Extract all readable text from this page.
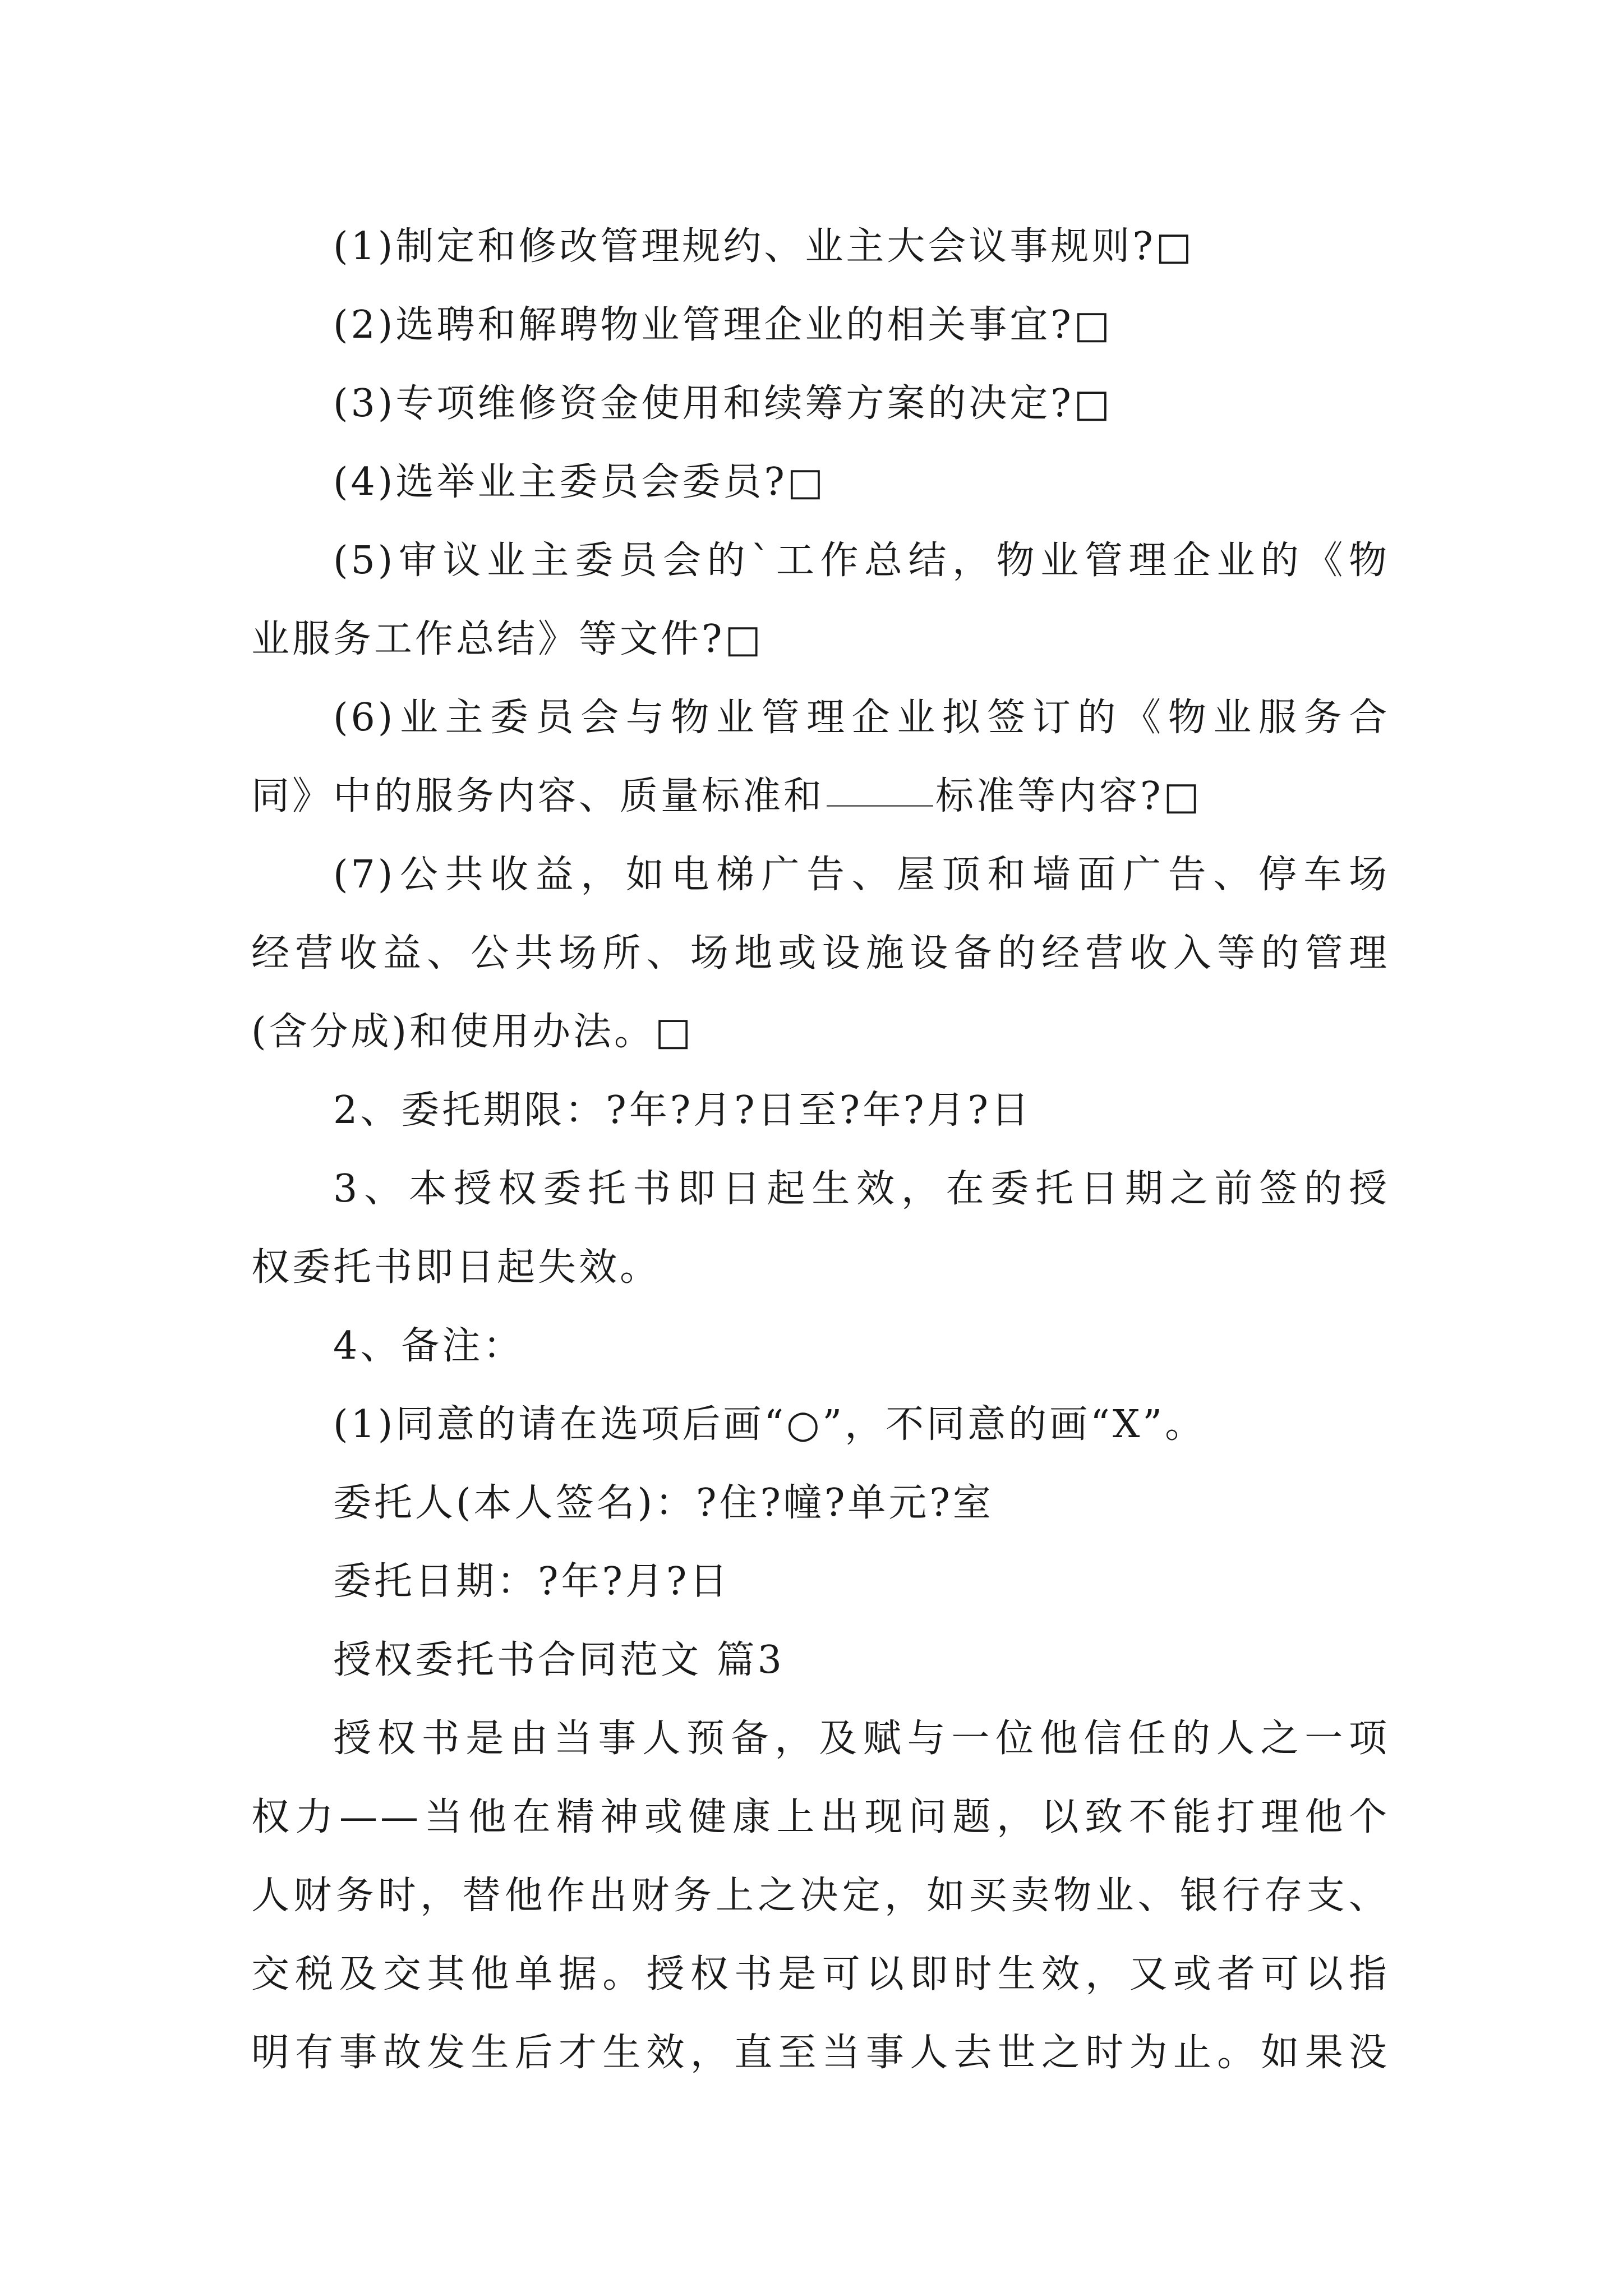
(1)制定和修改管理规约、业主大会议事规则?□
(2)选聘和解聘物业管理企业的相关事宜?□
(3)专项维修资金使用和续筹方案的决定?□
(4)选举业主委员会委员?□
(5)审议业主委员会的`工作总结，物业管理企业的《物
业服务工作总结》等文件?□
(6)业主委员会与物业管理企业拟签订的《物业服务合
同》中的服务内容、质量标准和	标准等内容?□
(7)公共收益，如电梯广告、屋顶和墙面广告、停车场
经营收益、公共场所、场地或设施设备的经营收入等的管理
(含分成)和使用办法。□
2、委托期限：?年?月?日至?年?月?日
3、本授权委托书即日起生效，在委托日期之前签的授
权委托书即日起失效。
4、备注：
(1)同意的请在选项后画“○”，不同意的画“X”。
委托人(本人签名)：?住?幢?单元?室
委托日期：?年?月?日
授权委托书合同范文 篇3
授权书是由当事人预备，及赋与一位他信任的人之一项
权力——当他在精神或健康上出现问题，以致不能打理他个
人财务时，替他作出财务上之决定，如买卖物业、银行存支、
交税及交其他单据。授权书是可以即时生效，又或者可以指
明有事故发生后才生效，直至当事人去世之时为止。如果没
